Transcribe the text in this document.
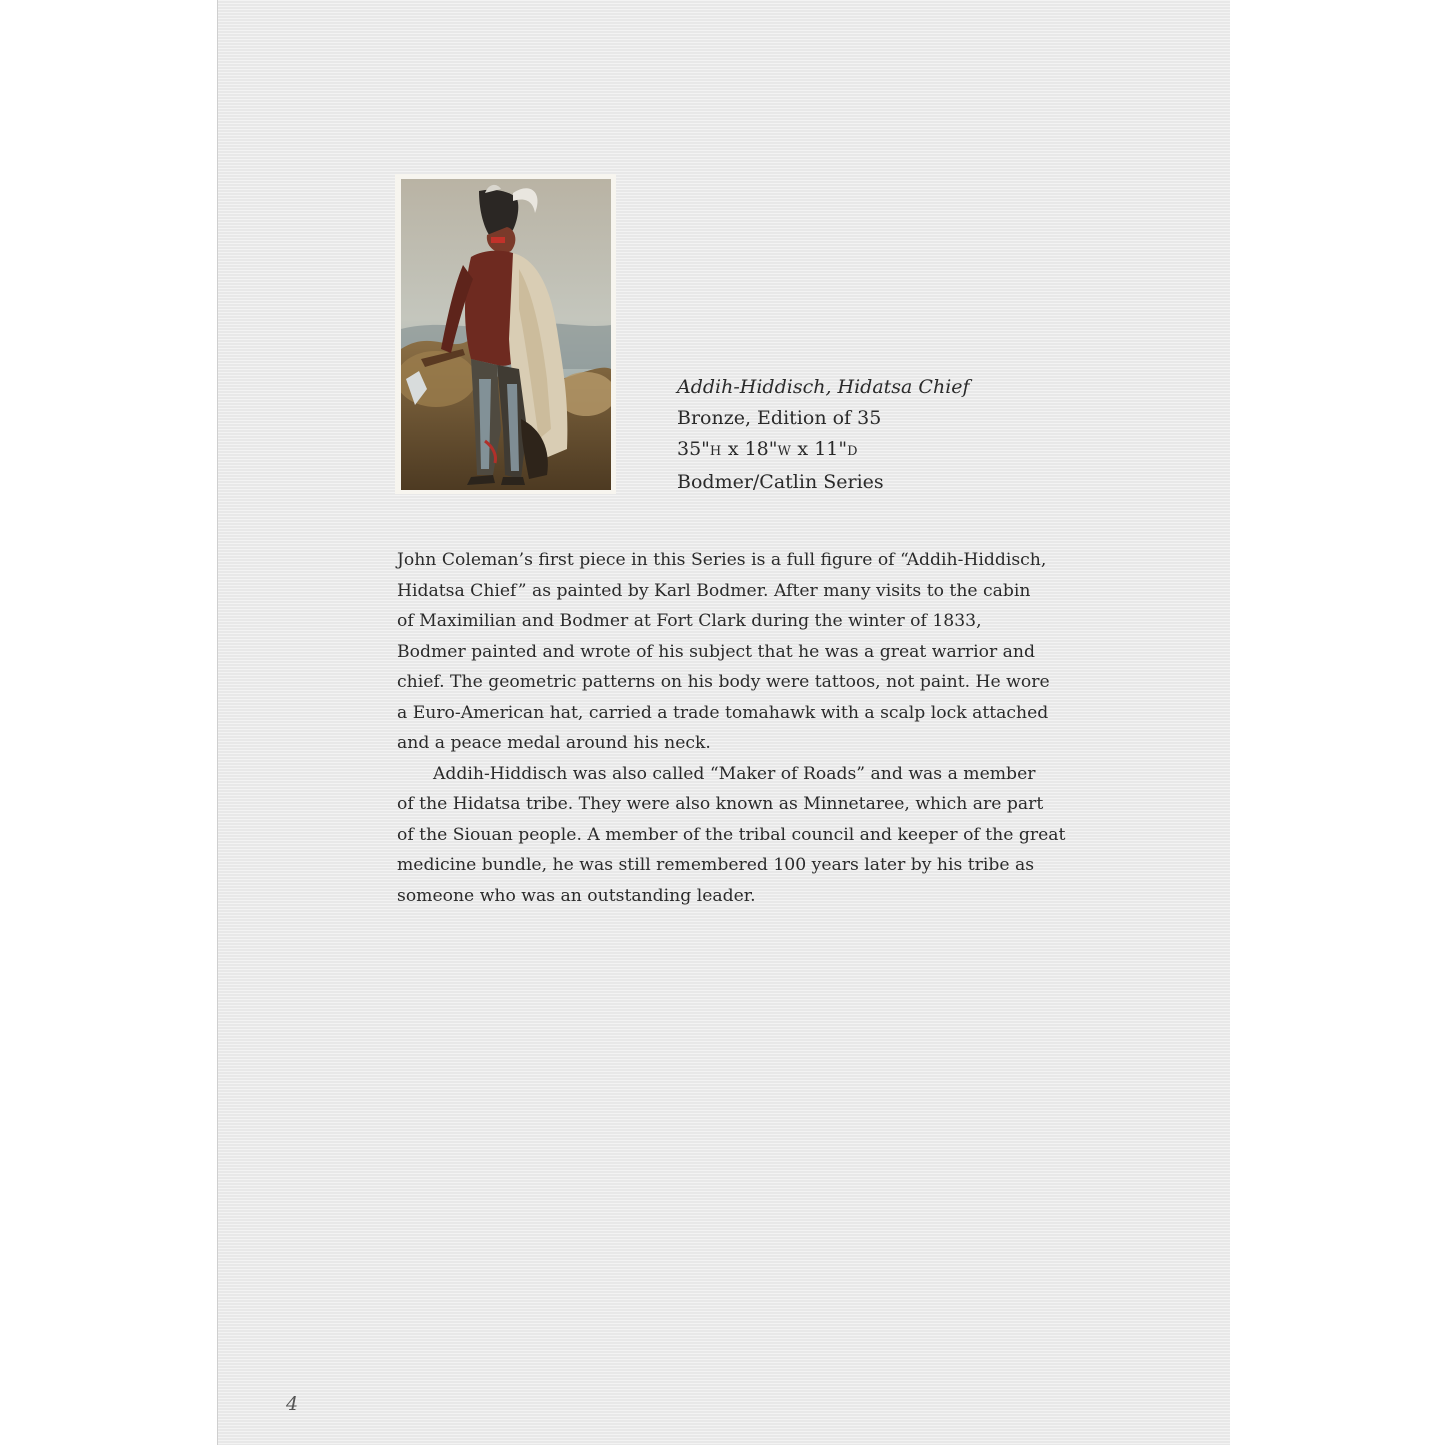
Addih-Hiddisch, Hidatsa Chief
Bronze, Edition of 35
35"H x 18"W x 11"D
Bodmer/Catlin Series

John Coleman’s first piece in this Series is a full figure of “Addih-Hiddisch,
Hidatsa Chief” as painted by Karl Bodmer. After many visits to the cabin
of Maximilian and Bodmer at Fort Clark during the winter of 1833,
Bodmer painted and wrote of his subject that he was a great warrior and
chief. The geometric patterns on his body were tattoos, not paint. He wore
a Euro-American hat, carried a trade tomahawk with a scalp lock attached
and a peace medal around his neck.

Addih-Hiddisch was also called “Maker of Roads” and was a member
of the Hidatsa tribe. They were also known as Minnetaree, which are part
of the Siouan people. A member of the tribal council and keeper of the great
medicine bundle, he was still remembered 100 years later by his tribe as
someone who was an outstanding leader.

4
